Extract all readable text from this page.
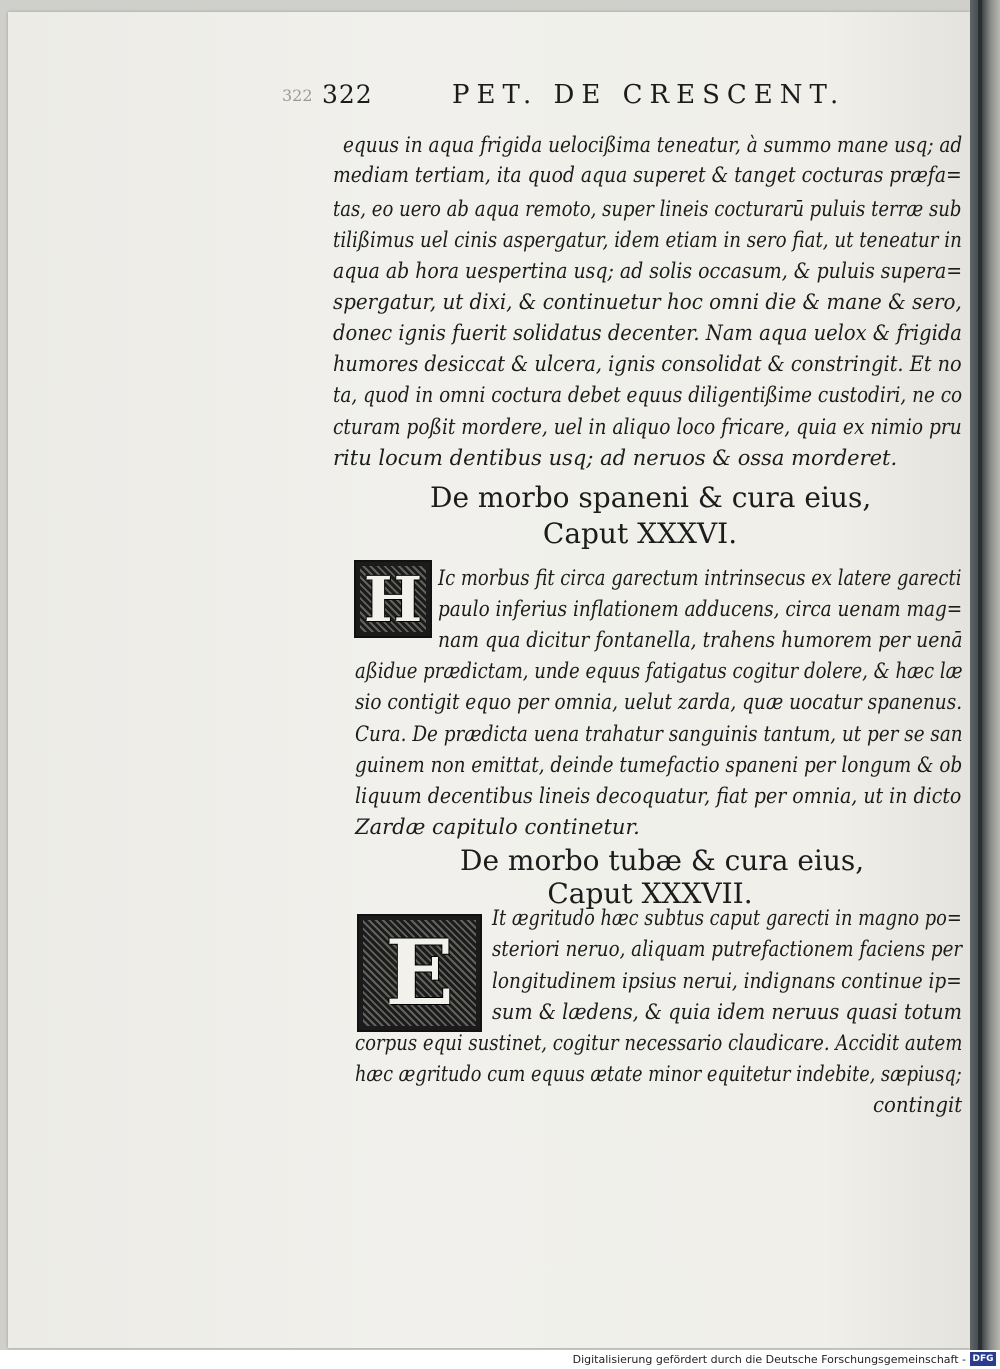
322 322	PET. DE CRESCENT.
equus in aqua frigida uelocißima teneatur, à summo mane usq; ad
mediam tertiam, ita quod aqua superet & tanget cocturas præfa=
tas, eo uero ab aqua remoto, super lineis cocturarū puluis terræ sub
tilißimus uel cinis aspergatur, idem etiam in sero fiat, ut teneatur in
aqua ab hora uespertina usq; ad solis occasum, & puluis supera=
spergatur, ut dixi, & continuetur hoc omni die & mane & sero,
donec ignis fuerit solidatus decenter. Nam aqua uelox & frigida
humores desiccat & ulcera, ignis consolidat & constringit. Et no
ta, quod in omni coctura debet equus diligentißime custodiri, ne co
cturam poßit mordere, uel in aliquo loco fricare, quia ex nimio pru
ritu locum dentibus usq; ad neruos & ossa morderet.
De morbo spaneni & cura eius,
Caput XXXVI.
H Ic morbus fit circa garectum intrinsecus ex latere garecti
paulo inferius inflationem adducens, circa uenam mag=
nam qua dicitur fontanella, trahens humorem per uenā
aßidue prædictam, unde equus fatigatus cogitur dolere, & hæc læ
sio contigit equo per omnia, uelut zarda, quæ uocatur spanenus.
Cura. De prædicta uena trahatur sanguinis tantum, ut per se san
guinem non emittat, deinde tumefactio spaneni per longum & ob
liquum decentibus lineis decoquatur, fiat per omnia, ut in dicto
Zardæ capitulo continetur.
De morbo tubæ & cura eius,
Caput XXXVII.
E
It ægritudo hæc subtus caput garecti in magno po=
steriori neruo, aliquam putrefactionem faciens per
longitudinem ipsius nerui, indignans continue ip=
sum & lædens, & quia idem neruus quasi totum
corpus equi sustinet, cogitur necessario claudicare. Accidit autem
hæc ægritudo cum equus ætate minor equitetur indebite, sæpiusq;
contingit
Digitalisierung gefördert durch die Deutsche Forschungsgemeinschaft - DFG
